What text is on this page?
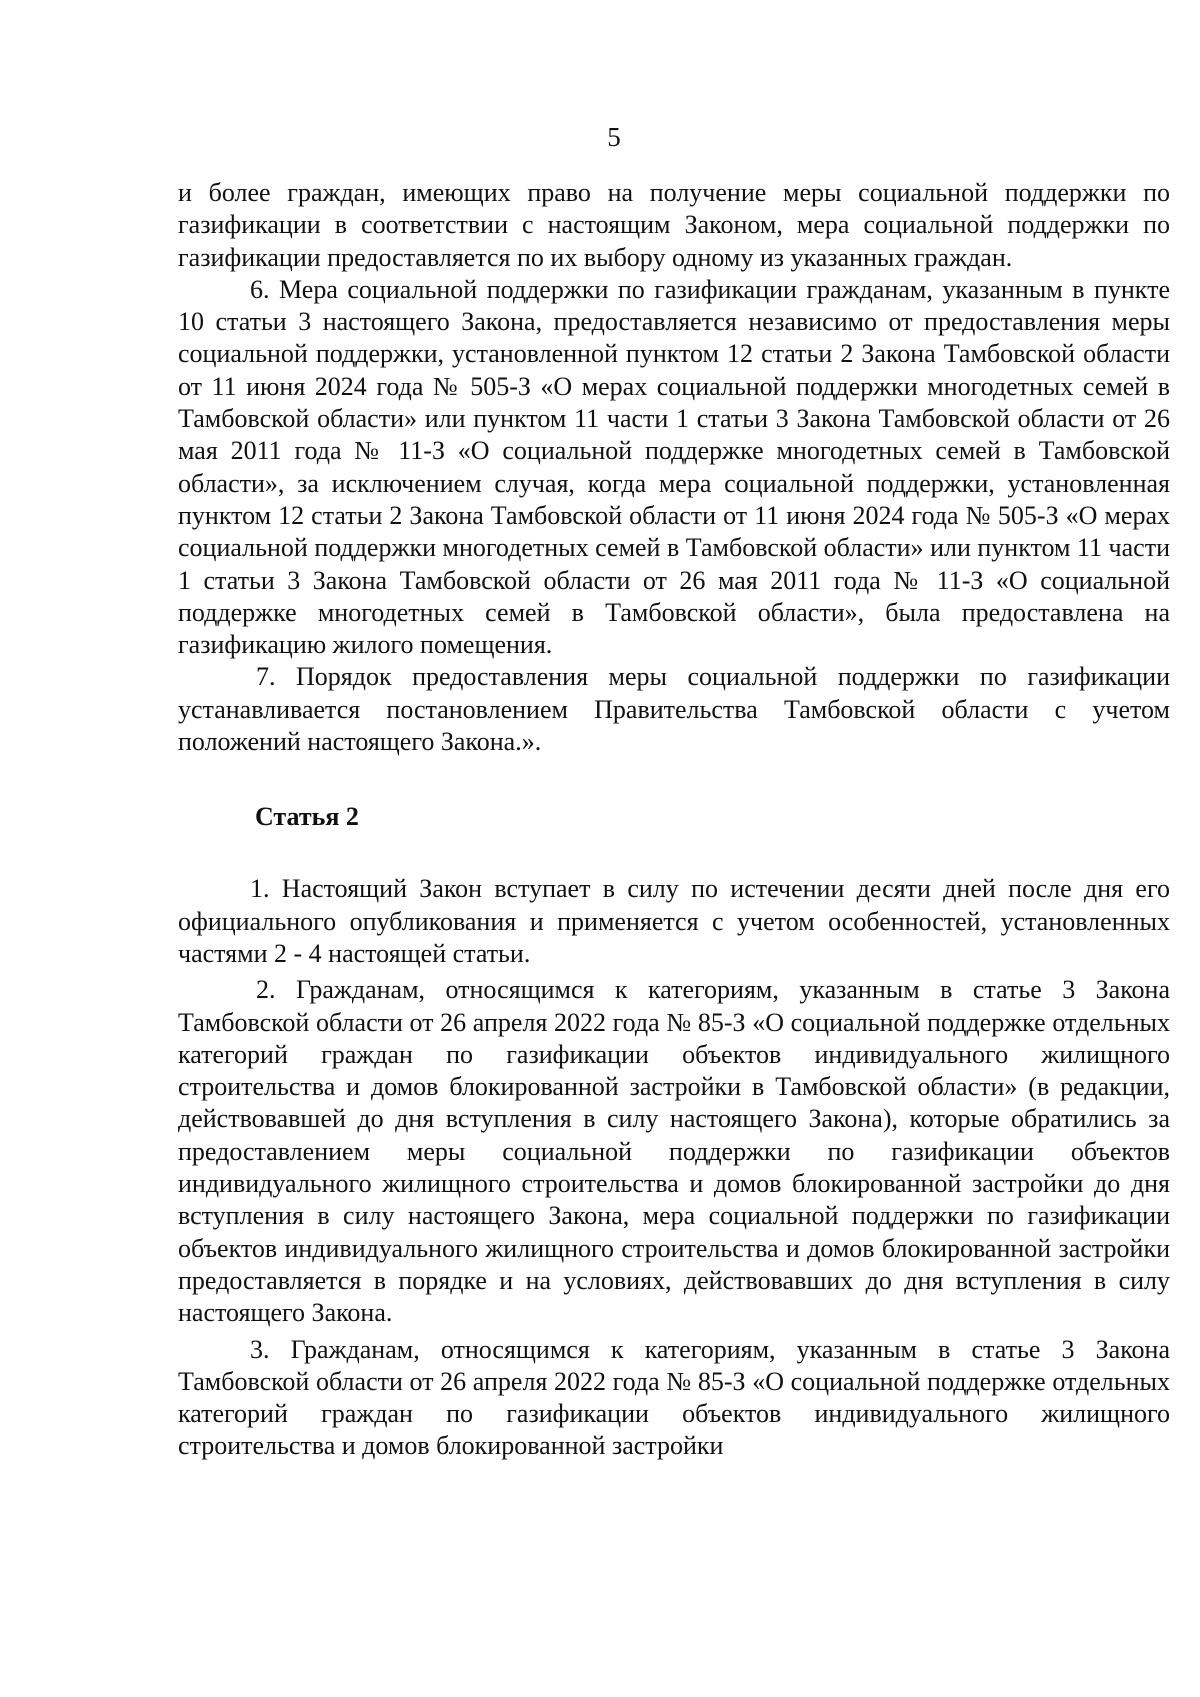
5

и более граждан, имеющих право на получение меры социальной поддержки по газификации в соответствии с настоящим Законом, мера социальной поддержки по газификации предоставляется по их выбору одному из указанных граждан.

6. Мера социальной поддержки по газификации гражданам, указанным в пункте 10 статьи 3 настоящего Закона, предоставляется независимо от предоставления меры социальной поддержки, установленной пунктом 12 статьи 2 Закона Тамбовской области от 11 июня 2024 года № 505-З «О мерах социальной поддержки многодетных семей в Тамбовской области» или пунктом 11 части 1 статьи 3 Закона Тамбовской области от 26 мая 2011 года № 11-З «О социальной поддержке многодетных семей в Тамбовской области», за исключением случая, когда мера социальной поддержки, установленная пунктом 12 статьи 2 Закона Тамбовской области от 11 июня 2024 года № 505-З «О мерах социальной поддержки многодетных семей в Тамбовской области» или пунктом 11 части 1 статьи 3 Закона Тамбовской области от 26 мая 2011 года № 11-З «О социальной поддержке многодетных семей в Тамбовской области», была предоставлена на газификацию жилого помещения.

7. Порядок предоставления меры социальной поддержки по газификации устанавливается постановлением Правительства Тамбовской области с учетом положений настоящего Закона.».

Статья 2

1. Настоящий Закон вступает в силу по истечении десяти дней после дня его официального опубликования и применяется с учетом особенностей, установленных частями 2 - 4 настоящей статьи.

2. Гражданам, относящимся к категориям, указанным в статье 3 Закона Тамбовской области от 26 апреля 2022 года № 85-З «О социальной поддержке отдельных категорий граждан по газификации объектов индивидуального жилищного строительства и домов блокированной застройки в Тамбовской области» (в редакции, действовавшей до дня вступления в силу настоящего Закона), которые обратились за предоставлением меры социальной поддержки по газификации объектов индивидуального жилищного строительства и домов блокированной застройки до дня вступления в силу настоящего Закона, мера социальной поддержки по газификации объектов индивидуального жилищного строительства и домов блокированной застройки предоставляется в порядке и на условиях, действовавших до дня вступления в силу настоящего Закона.

3. Гражданам, относящимся к категориям, указанным в статье 3 Закона Тамбовской области от 26 апреля 2022 года № 85-З «О социальной поддержке отдельных категорий граждан по газификации объектов индивидуального жилищного строительства и домов блокированной застройки
